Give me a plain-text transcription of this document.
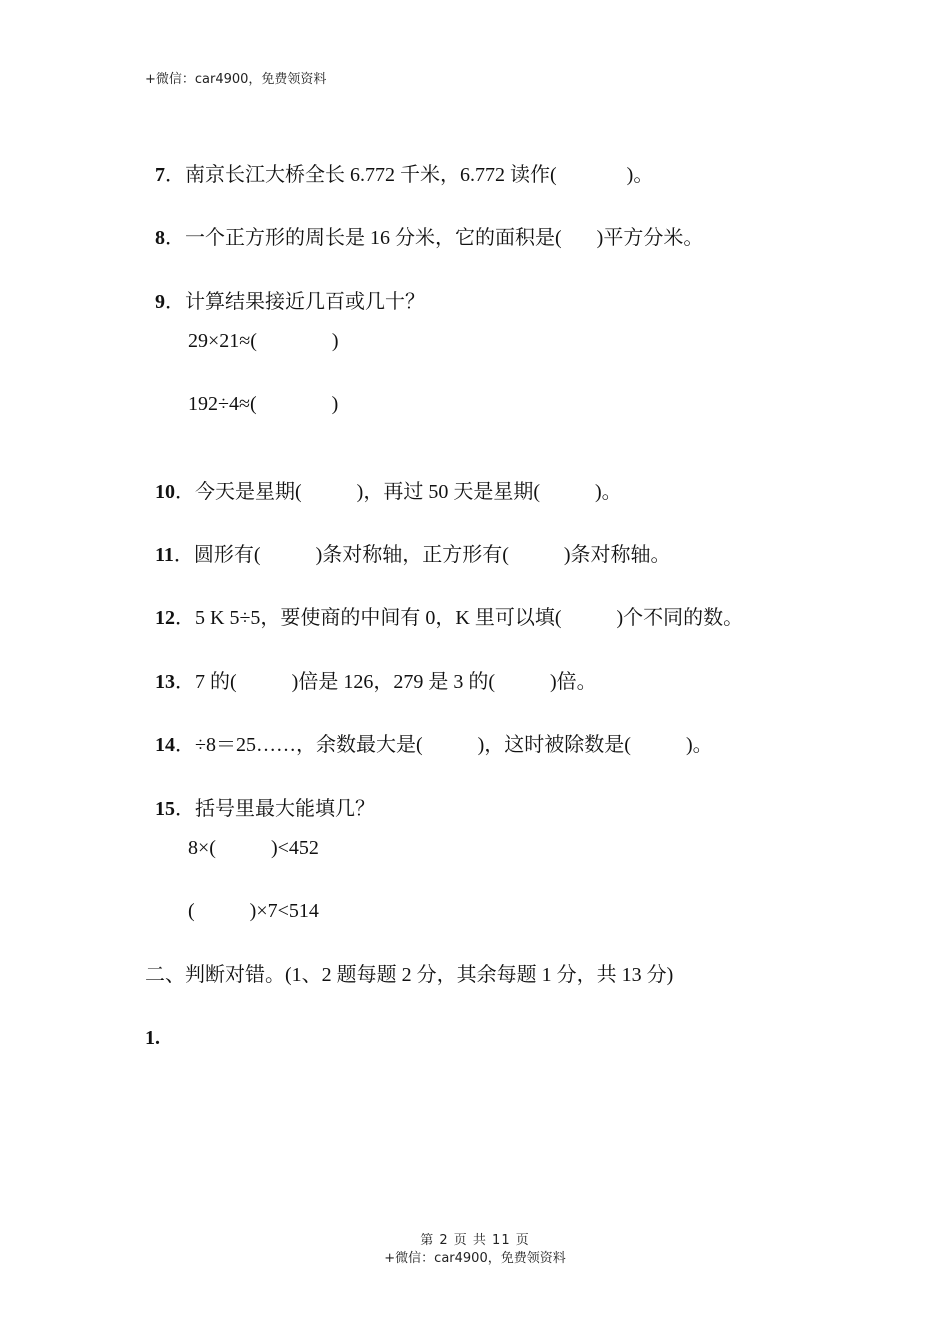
+微信：car4900，免费领资料

7．南京长江大桥全长 6.772 千米，6.772 读作(              )。

8．一个正方形的周长是 16 分米，它的面积是(       )平方分米。

9．计算结果接近几百或几十？

29×21≈(               )
192÷4≈(               )

10．今天是星期(           )，再过 50 天是星期(           )。

11．圆形有(           )条对称轴，正方形有(           )条对称轴。

12．5 K 5÷5，要使商的中间有 0，K 里可以填(           )个不同的数。

13．7 的(           )倍是 126，279 是 3 的(           )倍。

14．÷8＝25……，余数最大是(           )，这时被除数是(           )。

15．括号里最大能填几？

8×(           )<452
(           )×7<514
二、判断对错。(1、2 题每题 2 分，其余每题 1 分，共 13 分)
1.
第 2 页 共 11 页
+微信：car4900，免费领资料
